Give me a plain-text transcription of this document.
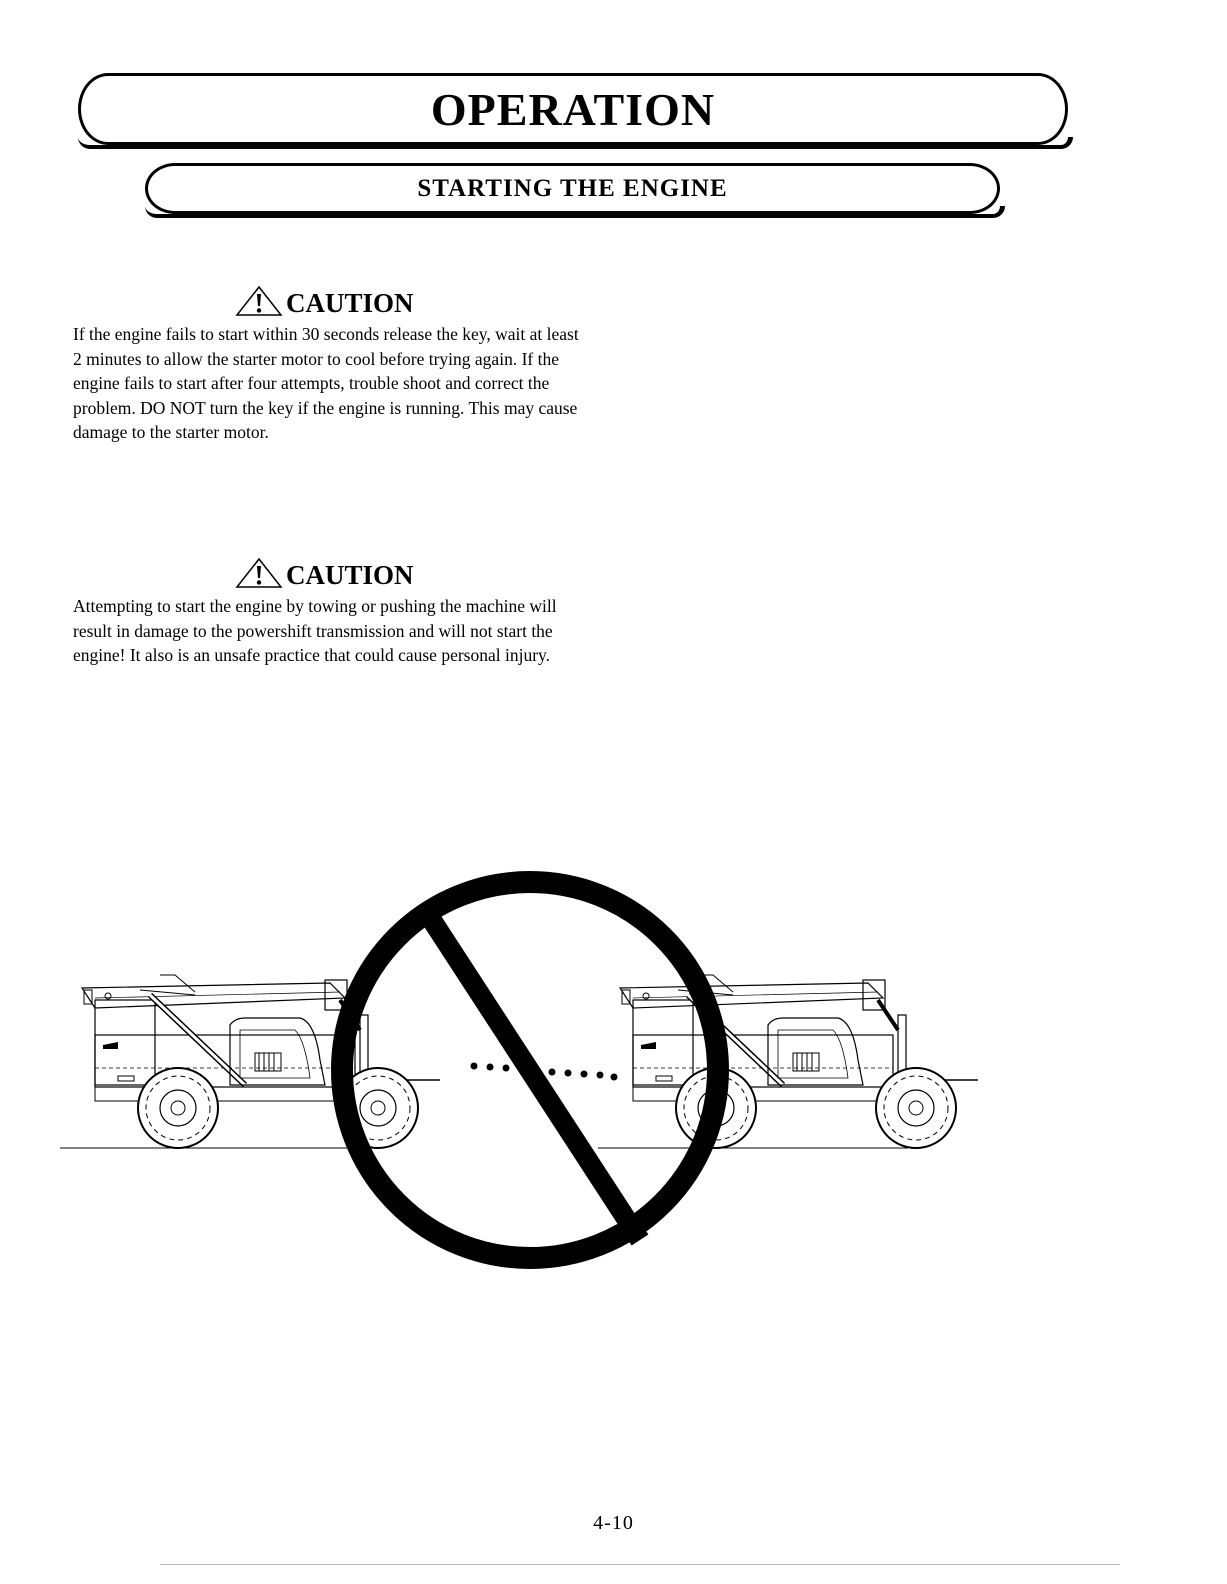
OPERATION
STARTING THE ENGINE
CAUTION

If the engine fails to start within 30 seconds release the key, wait at least 2 minutes to allow the starter motor to cool before trying again. If the engine fails to start after four attempts, trouble shoot and correct the problem. DO NOT turn the key if the engine is running. This may cause damage to the starter motor.

CAUTION

Attempting to start the engine by towing or pushing the machine will result in damage to the powershift transmission and will not start the engine! It also is an unsafe practice that could cause personal injury.

4-10
